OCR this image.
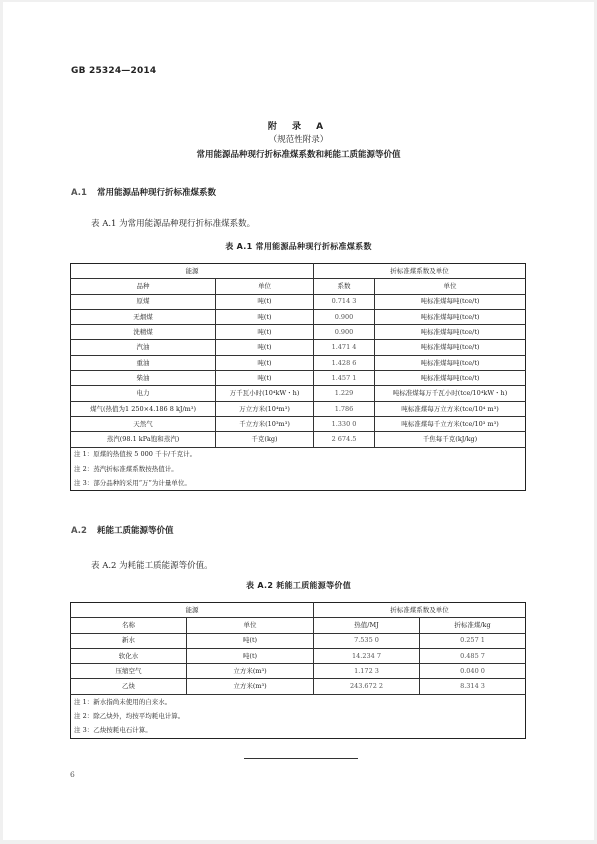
GB 25324—2014
附 录 A
（规范性附录）
常用能源品种现行折标准煤系数和耗能工质能源等价值
A.1 常用能源品种现行折标准煤系数
表 A.1 为常用能源品种现行折标准煤系数。
表 A.1 常用能源品种现行折标准煤系数
能源		折标准煤系数及单位	
品种	单位	系数	单位
原煤	吨(t)	0.714 3	吨标准煤每吨(tce/t)
无烟煤	吨(t)	0.900	吨标准煤每吨(tce/t)
洗精煤	吨(t)	0.900	吨标准煤每吨(tce/t)
汽油	吨(t)	1.471 4	吨标准煤每吨(tce/t)
重油	吨(t)	1.428 6	吨标准煤每吨(tce/t)
柴油	吨(t)	1.457 1	吨标准煤每吨(tce/t)
电力	万千瓦小时(10⁴kW・h)	1.229	吨标准煤每万千瓦小时(tce/10⁴kW・h)
煤气(热值为1 250×4.186 8 kJ/m³)	万立方米(10⁴m³)	1.786	吨标准煤每万立方米(tce/10⁴ m³)
天然气	千立方米(10³m³)	1.330 0	吨标准煤每千立方米(tce/10³ m³)
蒸汽(98.1 kPa饱和蒸汽)	千克(kg)	2 674.5	千焦每千克(kJ/kg)
注 1：原煤的热值按 5 000 千卡/千克计。			
注 2：蒸汽折标准煤系数按热值计。			
注 3：部分品种的采用“万”为计量单位。			
A.2 耗能工质能源等价值
表 A.2 为耗能工质能源等价值。
表 A.2 耗能工质能源等价值
能源		折标准煤系数及单位	
名称	单位	热值/MJ	折标准煤/kg
新水	吨(t)	7.535 0	0.257 1
软化水	吨(t)	14.234 7	0.485 7
压缩空气	立方米(m³)	1.172 3	0.040 0
乙炔	立方米(m³)	243.672 2	8.314 3
注 1：新水指尚未使用的自来水。			
注 2：除乙炔外，均按平均耗电计算。			
注 3：乙炔按耗电石计算。			
6
